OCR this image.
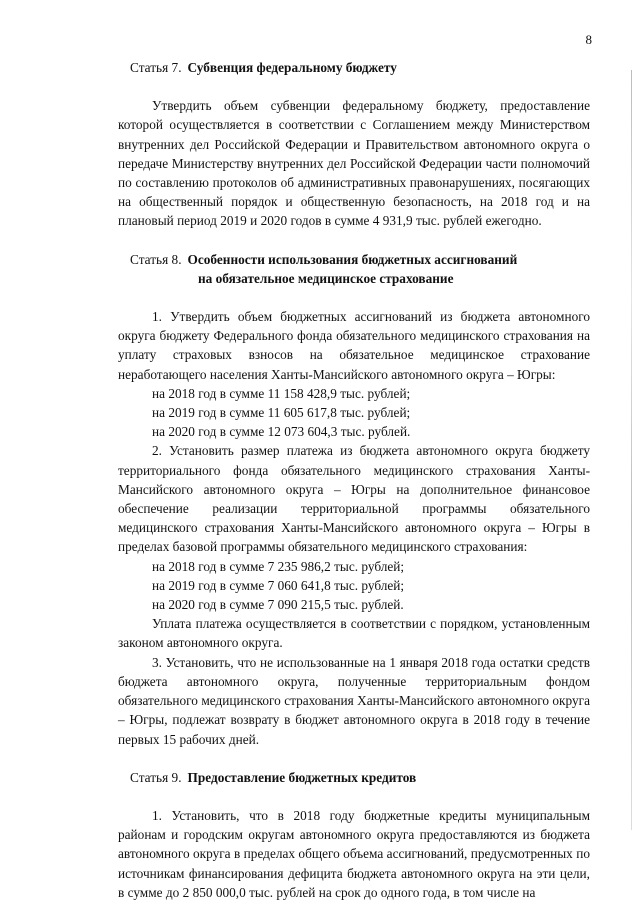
8
Статья 7. Субвенция федеральному бюджету

Утвердить объем субвенции федеральному бюджету, предоставление которой осуществляется в соответствии с Соглашением между Министерством внутренних дел Российской Федерации и Правительством автономного округа о передаче Министерству внутренних дел Российской Федерации части полномочий по составлению протоколов об административных правонарушениях, посягающих на общественный порядок и общественную безопасность, на 2018 год и на плановый период 2019 и 2020 годов в сумме 4 931,9 тыс. рублей ежегодно.

Статья 8. Особенности использования бюджетных ассигнований
на обязательное медицинское страхование

1. Утвердить объем бюджетных ассигнований из бюджета автономного округа бюджету Федерального фонда обязательного медицинского страхования на уплату страховых взносов на обязательное медицинское страхование неработающего населения Ханты-Мансийского автономного округа – Югры:

на 2018 год в сумме 11 158 428,9 тыс. рублей;
на 2019 год в сумме 11 605 617,8 тыс. рублей;
на 2020 год в сумме 12 073 604,3 тыс. рублей.

2. Установить размер платежа из бюджета автономного округа бюджету территориального фонда обязательного медицинского страхования Ханты-Мансийского автономного округа – Югры на дополнительное финансовое обеспечение реализации территориальной программы обязательного медицинского страхования Ханты-Мансийского автономного округа – Югры в пределах базовой программы обязательного медицинского страхования:

на 2018 год в сумме 7 235 986,2 тыс. рублей;
на 2019 год в сумме 7 060 641,8 тыс. рублей;
на 2020 год в сумме 7 090 215,5 тыс. рублей.

Уплата платежа осуществляется в соответствии с порядком, установленным законом автономного округа.

3. Установить, что не использованные на 1 января 2018 года остатки средств бюджета автономного округа, полученные территориальным фондом обязательного медицинского страхования Ханты-Мансийского автономного округа – Югры, подлежат возврату в бюджет автономного округа в 2018 году в течение первых 15 рабочих дней.

Статья 9. Предоставление бюджетных кредитов

1. Установить, что в 2018 году бюджетные кредиты муниципальным районам и городским округам автономного округа предоставляются из бюджета автономного округа в пределах общего объема ассигнований, предусмотренных по источникам финансирования дефицита бюджета автономного округа на эти цели, в сумме до 2 850 000,0 тыс. рублей на срок до одного года, в том числе на
